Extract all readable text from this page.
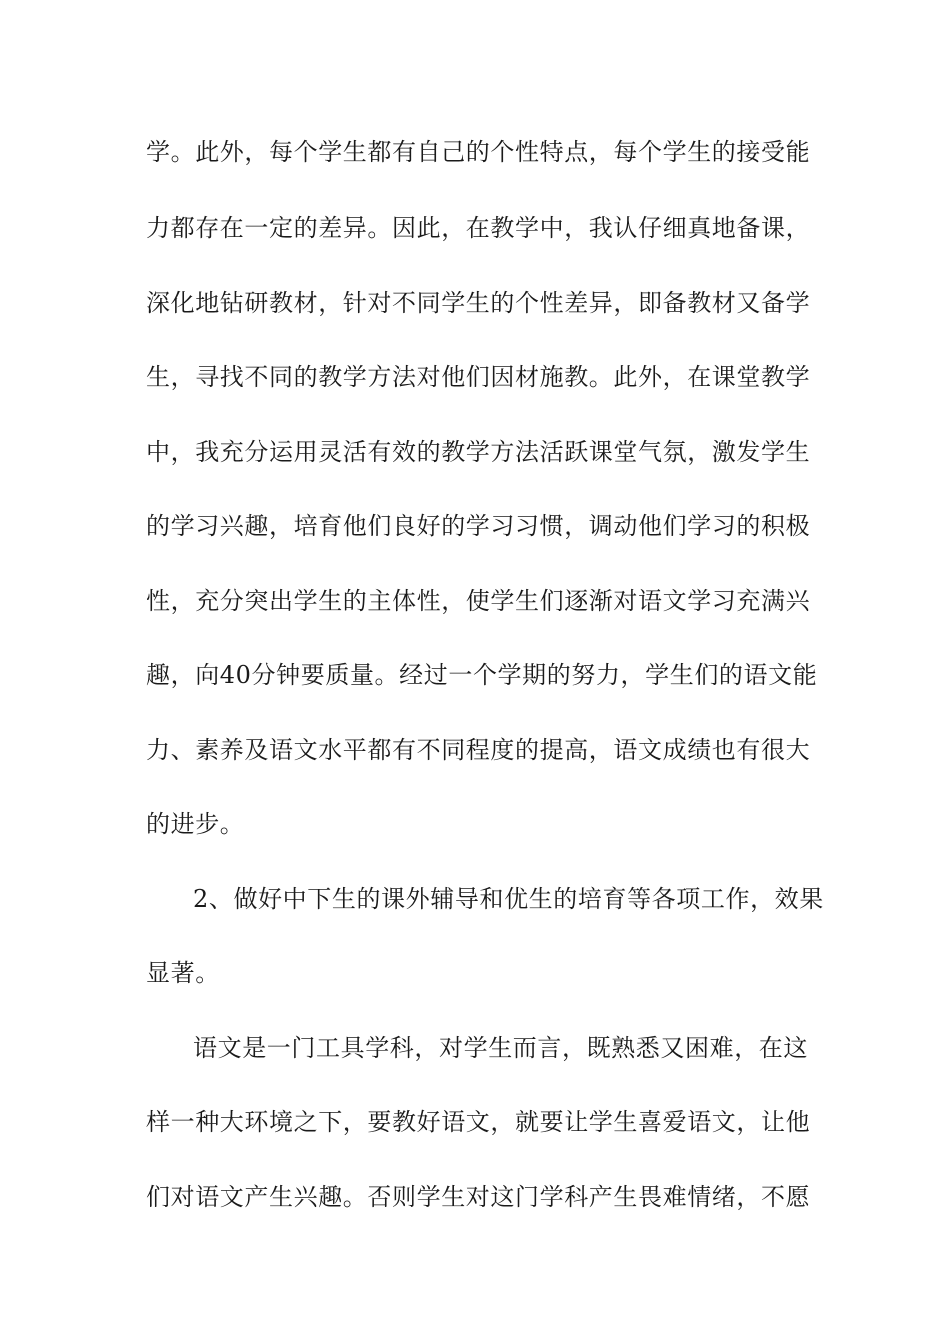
学。此外，每个学生都有自己的个性特点，每个学生的接受能
力都存在一定的差异。因此，在教学中，我认仔细真地备课，
深化地钻研教材，针对不同学生的个性差异，即备教材又备学
生，寻找不同的教学方法对他们因材施教。此外，在课堂教学
中，我充分运用灵活有效的教学方法活跃课堂气氛，激发学生
的学习兴趣，培育他们良好的学习习惯，调动他们学习的积极
性，充分突出学生的主体性，使学生们逐渐对语文学习充满兴
趣，向40分钟要质量。经过一个学期的努力，学生们的语文能
力、素养及语文水平都有不同程度的提高，语文成绩也有很大
的进步。
2、做好中下生的课外辅导和优生的培育等各项工作，效果
显著。
语文是一门工具学科，对学生而言，既熟悉又困难，在这
样一种大环境之下，要教好语文，就要让学生喜爱语文，让他
们对语文产生兴趣。否则学生对这门学科产生畏难情绪，不愿
